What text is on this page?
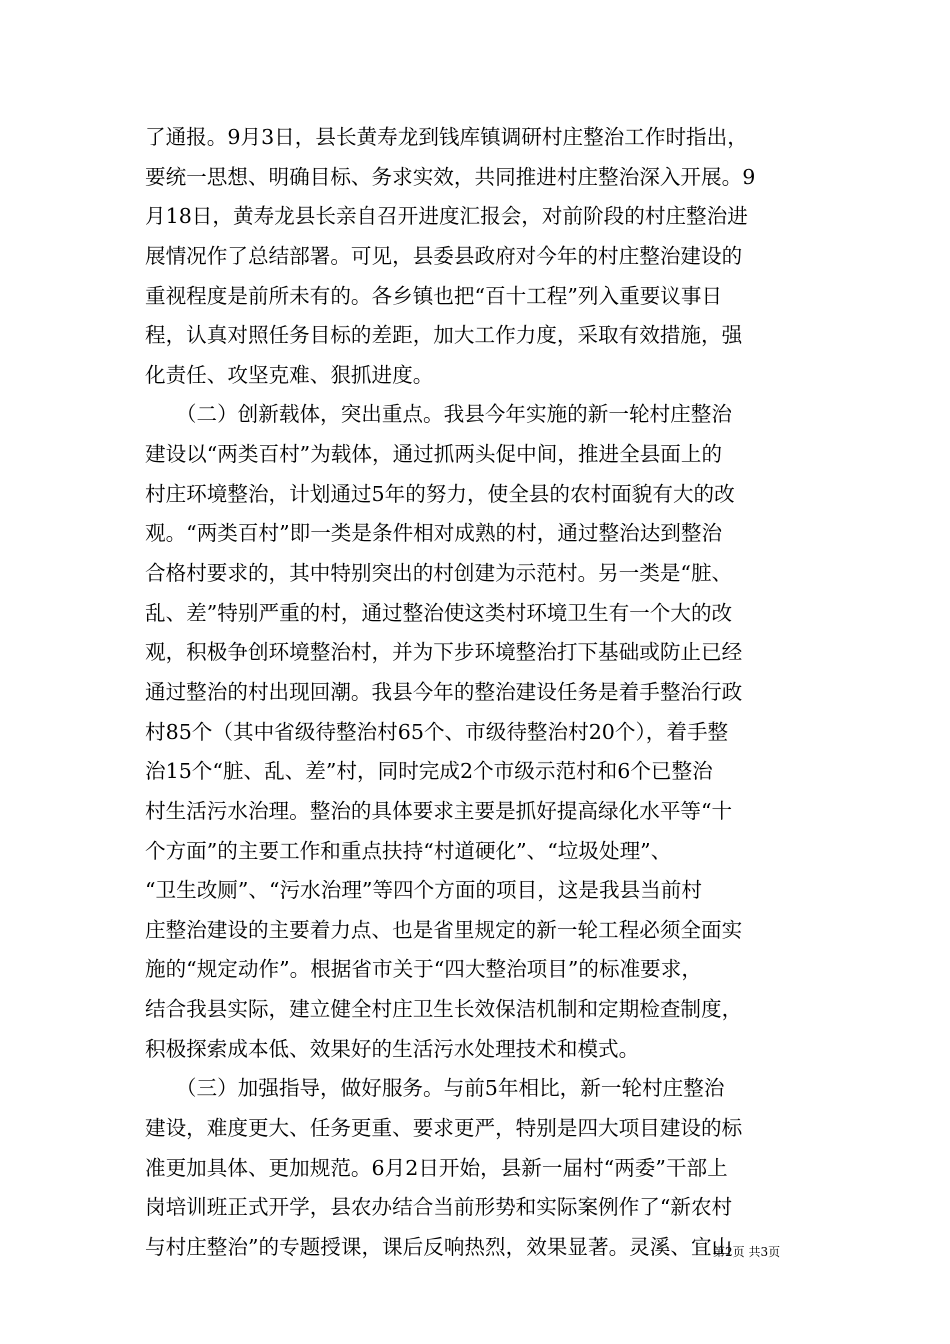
了通报。9月3日，县长黄寿龙到钱库镇调研村庄整治工作时指出，
要统一思想、明确目标、务求实效，共同推进村庄整治深入开展。9
月18日，黄寿龙县长亲自召开进度汇报会，对前阶段的村庄整治进
展情况作了总结部署。可见，县委县政府对今年的村庄整治建设的
重视程度是前所未有的。各乡镇也把“百十工程”列入重要议事日
程，认真对照任务目标的差距，加大工作力度，采取有效措施，强
化责任、攻坚克难、狠抓进度。
　　（二）创新载体，突出重点。我县今年实施的新一轮村庄整治
建设以“两类百村”为载体，通过抓两头促中间，推进全县面上的
村庄环境整治，计划通过5年的努力，使全县的农村面貌有大的改
观。“两类百村”即一类是条件相对成熟的村，通过整治达到整治
合格村要求的，其中特别突出的村创建为示范村。另一类是“脏、
乱、差”特别严重的村，通过整治使这类村环境卫生有一个大的改
观，积极争创环境整治村，并为下步环境整治打下基础或防止已经
通过整治的村出现回潮。我县今年的整治建设任务是着手整治行政
村85个（其中省级待整治村65个、市级待整治村20个），着手整
治15个“脏、乱、差”村，同时完成2个市级示范村和6个已整治
村生活污水治理。整治的具体要求主要是抓好提高绿化水平等“十
个方面”的主要工作和重点扶持“村道硬化”、“垃圾处理”、
“卫生改厕”、“污水治理”等四个方面的项目，这是我县当前村
庄整治建设的主要着力点、也是省里规定的新一轮工程必须全面实
施的“规定动作”。根据省市关于“四大整治项目”的标准要求，
结合我县实际，建立健全村庄卫生长效保洁机制和定期检查制度，
积极探索成本低、效果好的生活污水处理技术和模式。
　　（三）加强指导，做好服务。与前5年相比，新一轮村庄整治
建设，难度更大、任务更重、要求更严，特别是四大项目建设的标
准更加具体、更加规范。6月2日开始，县新一届村“两委”干部上
岗培训班正式开学，县农办结合当前形势和实际案例作了“新农村
与村庄整治”的专题授课，课后反响热烈，效果显著。灵溪、宜山
第2页 共3页
